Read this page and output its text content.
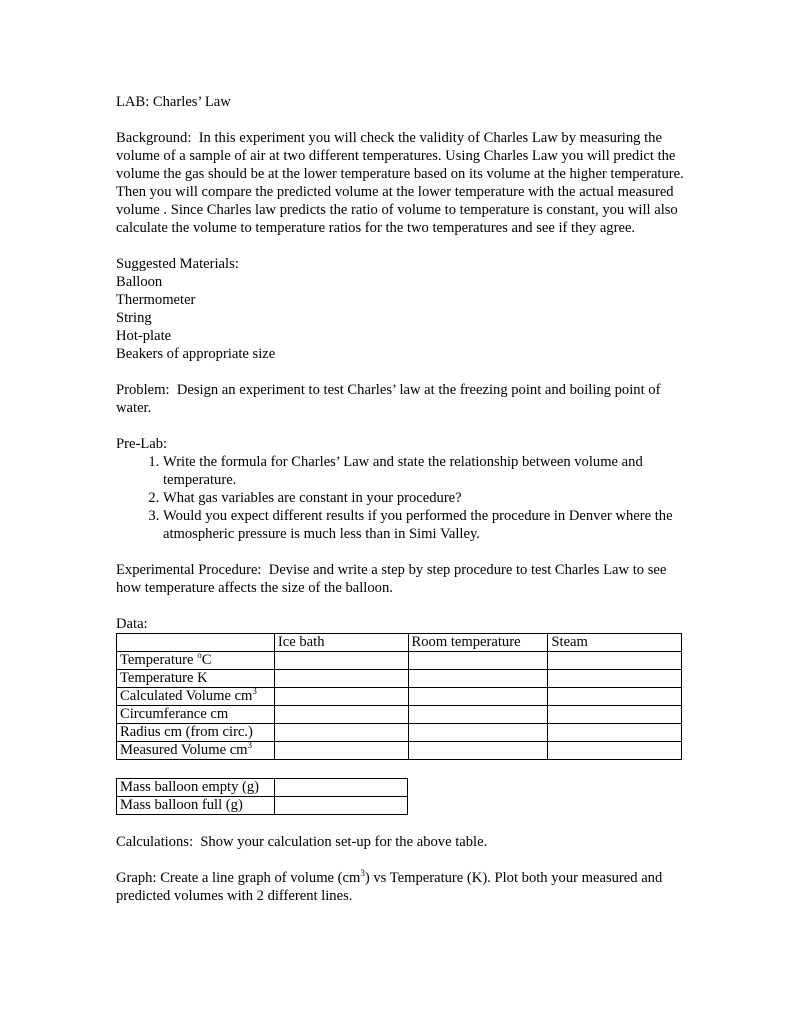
LAB: Charles’ Law

Background: In this experiment you will check the validity of Charles Law by measuring the volume of a sample of air at two different temperatures. Using Charles Law you will predict the volume the gas should be at the lower temperature based on its volume at the higher temperature. Then you will compare the predicted volume at the lower temperature with the actual measured volume . Since Charles law predicts the ratio of volume to temperature is constant, you will also calculate the volume to temperature ratios for the two temperatures and see if they agree.

Suggested Materials:

Balloon

Thermometer

String

Hot-plate

Beakers of appropriate size

Problem: Design an experiment to test Charles’ law at the freezing point and boiling point of water.

Pre-Lab:

1. Write the formula for Charles’ Law and state the relationship between volume and temperature.
2. What gas variables are constant in your procedure?
3. Would you expect different results if you performed the procedure in Denver where the atmospheric pressure is much less than in Simi Valley.

Experimental Procedure: Devise and write a step by step procedure to test Charles Law to see how temperature affects the size of the balloon.

Data:

	Ice bath	Room temperature	Steam
Temperature $^o$C			
Temperature K			
Calculated Volume $cm^3$			
Circumferance cm			
Radius cm (from circ.)			
Measured Volume $cm^3$			
Mass balloon empty (g)	
Mass balloon full (g)	

Calculations: Show your calculation set-up for the above table.

Graph: Create a line graph of volume $(cm^3)$ vs Temperature (K). Plot both your measured and predicted volumes with 2 different lines.
